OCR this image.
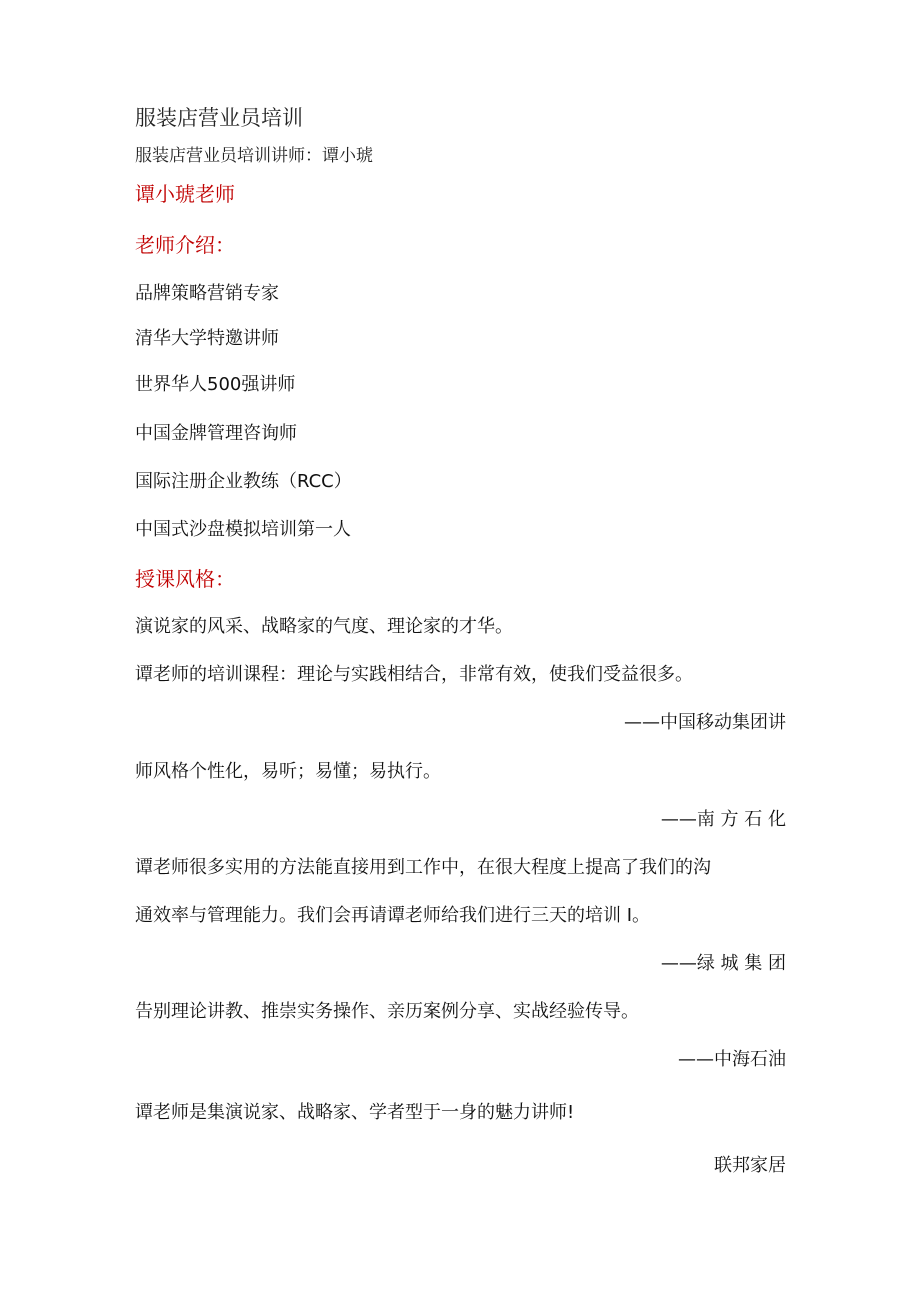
服装店营业员培训
服装店营业员培训讲师：谭小琥
谭小琥老师
老师介绍：
品牌策略营销专家
清华大学特邀讲师
世界华人500强讲师
中国金牌管理咨询师
国际注册企业教练（RCC）
中国式沙盘模拟培训第一人
授课风格：
演说家的风采、战略家的气度、理论家的才华。
谭老师的培训课程：理论与实践相结合，非常有效，使我们受益很多。
——中国移动集团讲
师风格个性化，易听；易懂；易执行。
——南 方 石 化
谭老师很多实用的方法能直接用到工作中，在很大程度上提高了我们的沟
通效率与管理能力。我们会再请谭老师给我们进行三天的培训 I。
——绿 城 集 团
告别理论讲教、推崇实务操作、亲历案例分享、实战经验传导。
——中海石油
谭老师是集演说家、战略家、学者型于一身的魅力讲师!
联邦家居
